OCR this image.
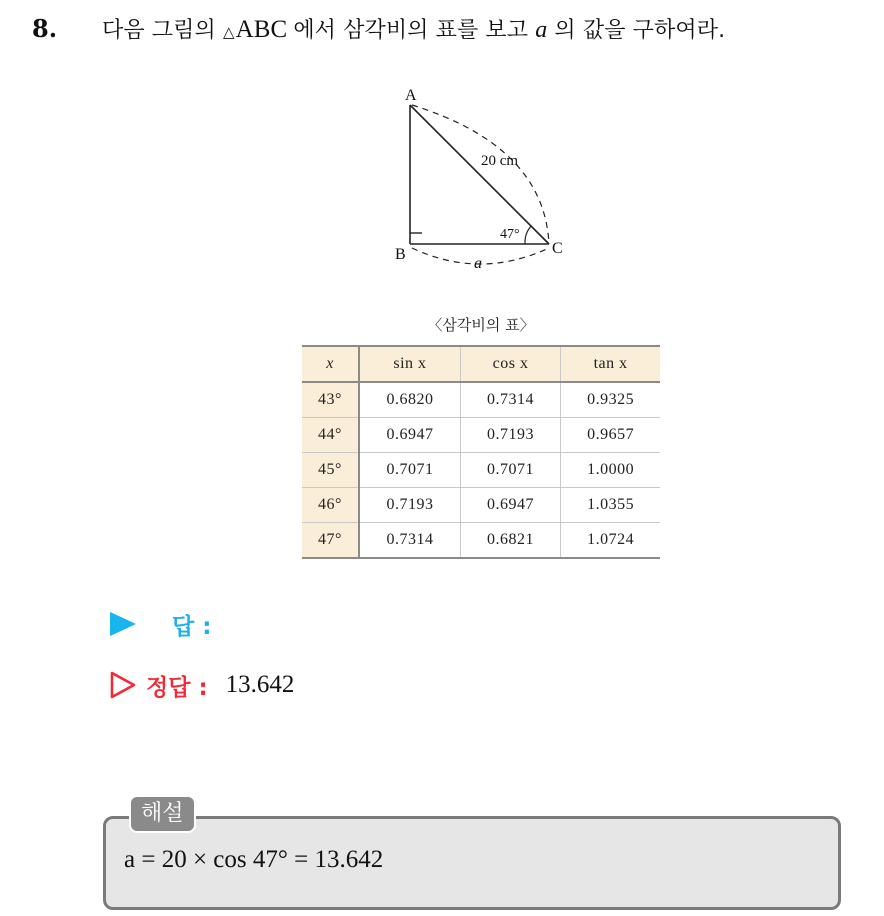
8.	다음 그림의 △ABC 에서 삼각비의 표를 보고 a 의 값을 구하여라.
A
B	C
20 cm
47°
a
〈삼각비의 표〉
x	sin x	cos x	tan x
43°	0.6820	0.7314	0.9325
44°	0.6947	0.7193	0.9657
45°	0.7071	0.7071	1.0000
46°	0.7193	0.6947	1.0355
47°	0.7314	0.6821	1.0724
답 :
정답 : 13.642
해설
a = 20 × cos 47° = 13.642
